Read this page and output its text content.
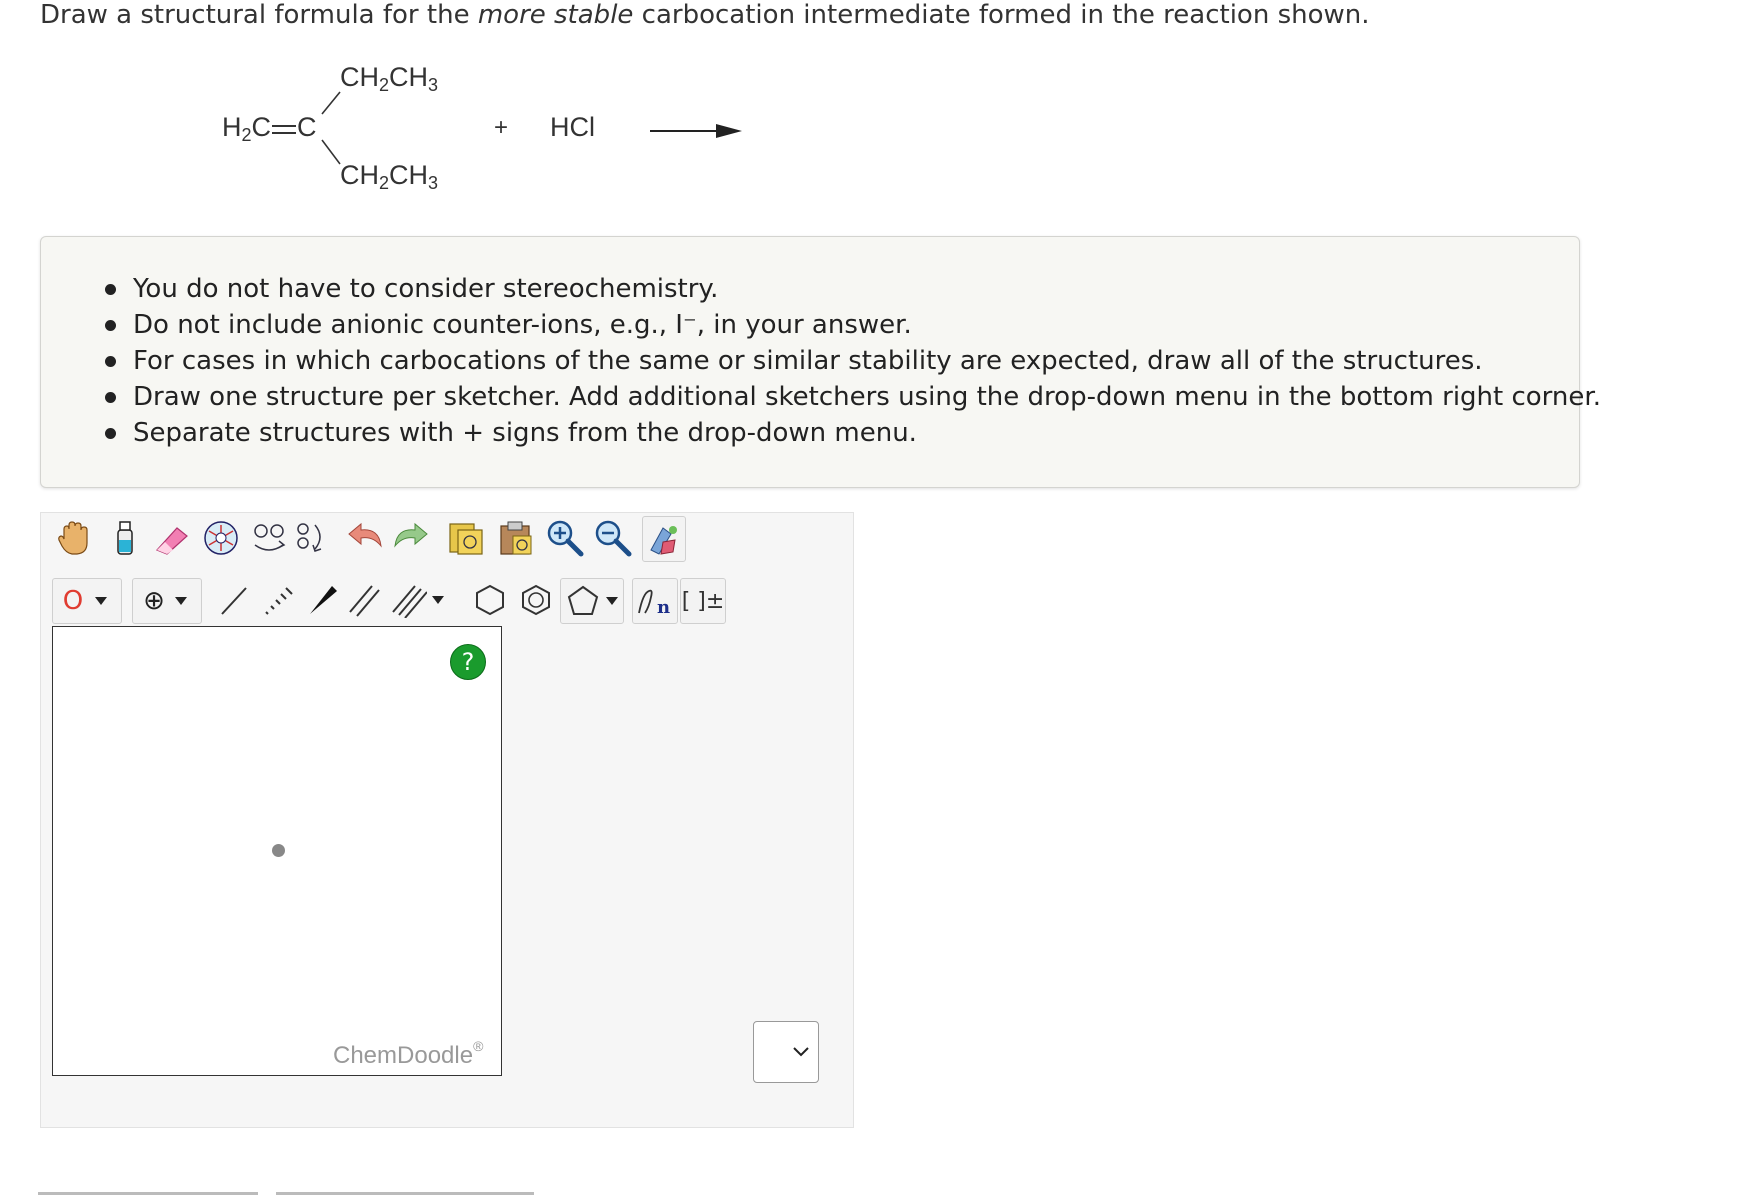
Draw a structural formula for the more stable carbocation intermediate formed in the reaction shown.
$CH_2CH_3$
$H_2C$ C
$CH_2CH_3$
+ HCl
You do not have to consider stereochemistry.
Do not include anionic counter-ions, e.g., I⁻, in your answer.
For cases in which carbocations of the same or similar stability are expected, draw all of the structures.
Draw one structure per sketcher. Add additional sketchers using the drop-down menu in the bottom right corner.
Separate structures with + signs from the drop-down menu.
O ⊕	n [ ]±
?
ChemDoodle®
